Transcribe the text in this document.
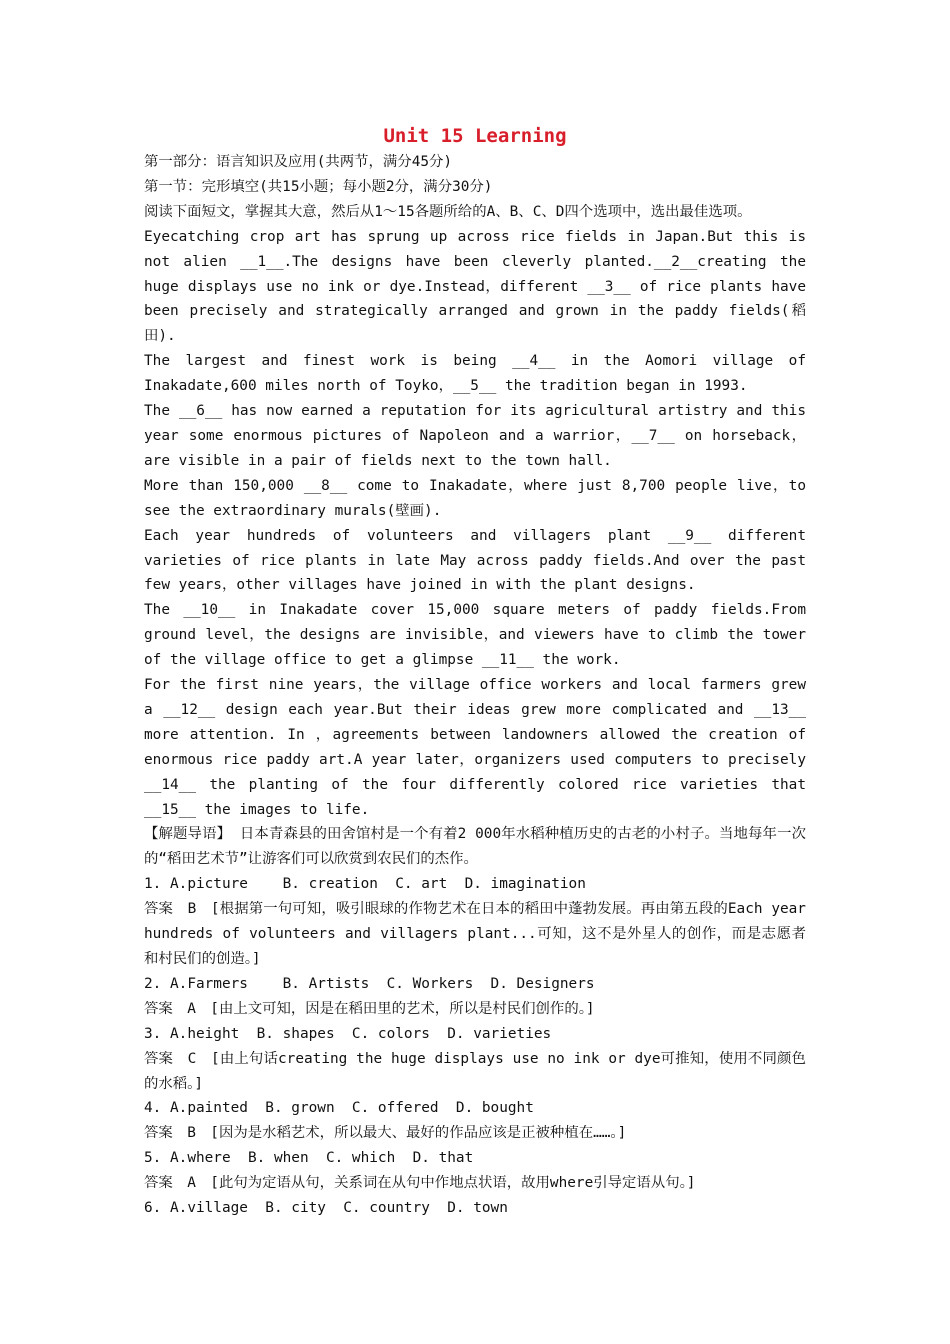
Unit 15 Learning

第一部分：语言知识及应用(共两节，满分45分)

第一节：完形填空(共15小题；每小题2分，满分30分)

阅读下面短文，掌握其大意，然后从1～15各题所给的A、B、C、D四个选项中，选出最佳选项。

Eyecatching crop art has sprung up across rice fields in Japan.But this is not alien __1__.The designs have been cleverly planted.__2__creating the huge displays use no ink or dye.Instead，different __3__ of rice plants have been precisely and strategically arranged and grown in the paddy fields(稻田).

The largest and finest work is being __4__ in the Aomori village of Inakadate,600 miles north of Toyko，__5__ the tradition began in 1993.

The __6__ has now earned a reputation for its agricultural artistry and this year some enormous pictures of Napoleon and a warrior，__7__ on horseback，are visible in a pair of fields next to the town hall.

More than 150,000 __8__ come to Inakadate，where just 8,700 people live，to see the extraordinary murals(壁画).

Each year hundreds of volunteers and villagers plant __9__ different varieties of rice plants in late May across paddy fields.And over the past few years，other villages have joined in with the plant designs.

The __10__ in Inakadate cover 15,000 square meters of paddy fields.From ground level，the designs are invisible，and viewers have to climb the tower of the village office to get a glimpse __11__ the work.

For the first nine years，the village office workers and local farmers grew a __12__ design each year.But their ideas grew more complicated and __13__ more attention. In ，agreements between landowners allowed the creation of enormous rice paddy art.A year later，organizers used computers to precisely __14__ the planting of the four differently colored rice varieties that __15__ the images to life.

【解题导语】 日本青森县的田舍馆村是一个有着2 000年水稻种植历史的古老的小村子。当地每年一次的“稻田艺术节”让游客们可以欣赏到农民们的杰作。

1. A.picture    B. creation  C. art  D. imagination

答案　 B　 [根据第一句可知，吸引眼球的作物艺术在日本的稻田中蓬勃发展。再由第五段的Each year hundreds of volunteers and villagers plant...可知，这不是外星人的创作，而是志愿者和村民们的创造。]

2. A.Farmers    B. Artists  C. Workers  D. Designers

答案　 A　 [由上文可知，因是在稻田里的艺术，所以是村民们创作的。]

3. A.height  B. shapes  C. colors  D. varieties

答案　 C　 [由上句话creating the huge displays use no ink or dye可推知，使用不同颜色的水稻。]

4. A.painted  B. grown  C. offered  D. bought

答案　 B　 [因为是水稻艺术，所以最大、最好的作品应该是正被种植在……。]

5. A.where  B. when  C. which  D. that

答案　 A　 [此句为定语从句，关系词在从句中作地点状语，故用where引导定语从句。]

6. A.village  B. city  C. country  D. town
